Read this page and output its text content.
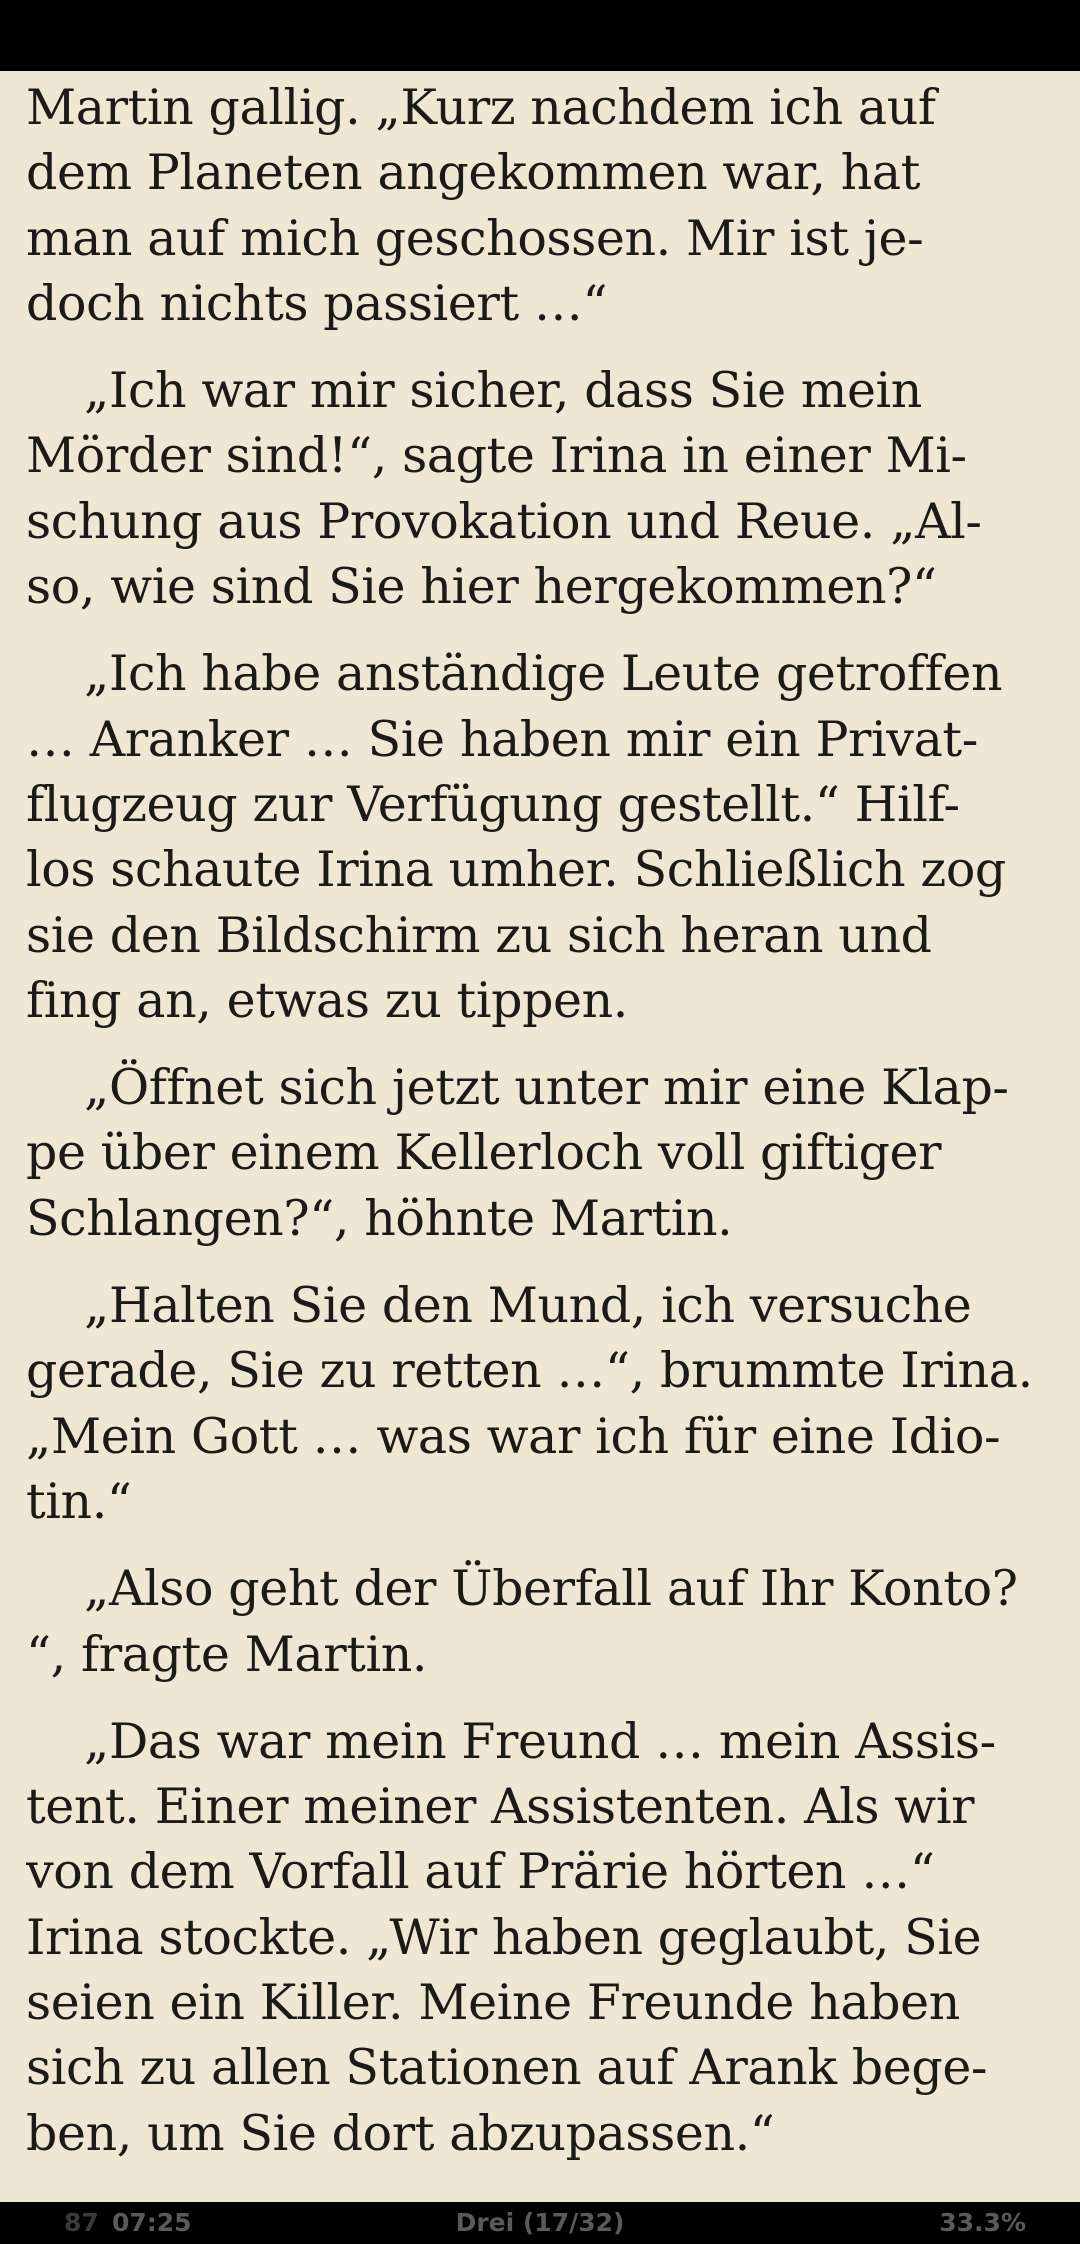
Martin gallig. „Kurz nachdem ich auf
dem Planeten angekommen war, hat
man auf mich geschossen. Mir ist je-
doch nichts passiert …“
„Ich war mir sicher, dass Sie mein
Mörder sind!“, sagte Irina in einer Mi-
schung aus Provokation und Reue. „Al-
so, wie sind Sie hier hergekommen?“
„Ich habe anständige Leute getroffen
… Aranker … Sie haben mir ein Privat-
flugzeug zur Verfügung gestellt.“ Hilf-
los schaute Irina umher. Schließlich zog
sie den Bildschirm zu sich heran und
fing an, etwas zu tippen.
„Öffnet sich jetzt unter mir eine Klap-
pe über einem Kellerloch voll giftiger
Schlangen?“, höhnte Martin.
„Halten Sie den Mund, ich versuche
gerade, Sie zu retten …“, brummte Irina.
„Mein Gott … was war ich für eine Idio-
tin.“
„Also geht der Überfall auf Ihr Konto?
“, fragte Martin.
„Das war mein Freund … mein Assis-
tent. Einer meiner Assistenten. Als wir
von dem Vorfall auf Prärie hörten …“
Irina stockte. „Wir haben geglaubt, Sie
seien ein Killer. Meine Freunde haben
sich zu allen Stationen auf Arank bege-
ben, um Sie dort abzupassen.“
87 07:25	Drei (17/32)	33.3%
